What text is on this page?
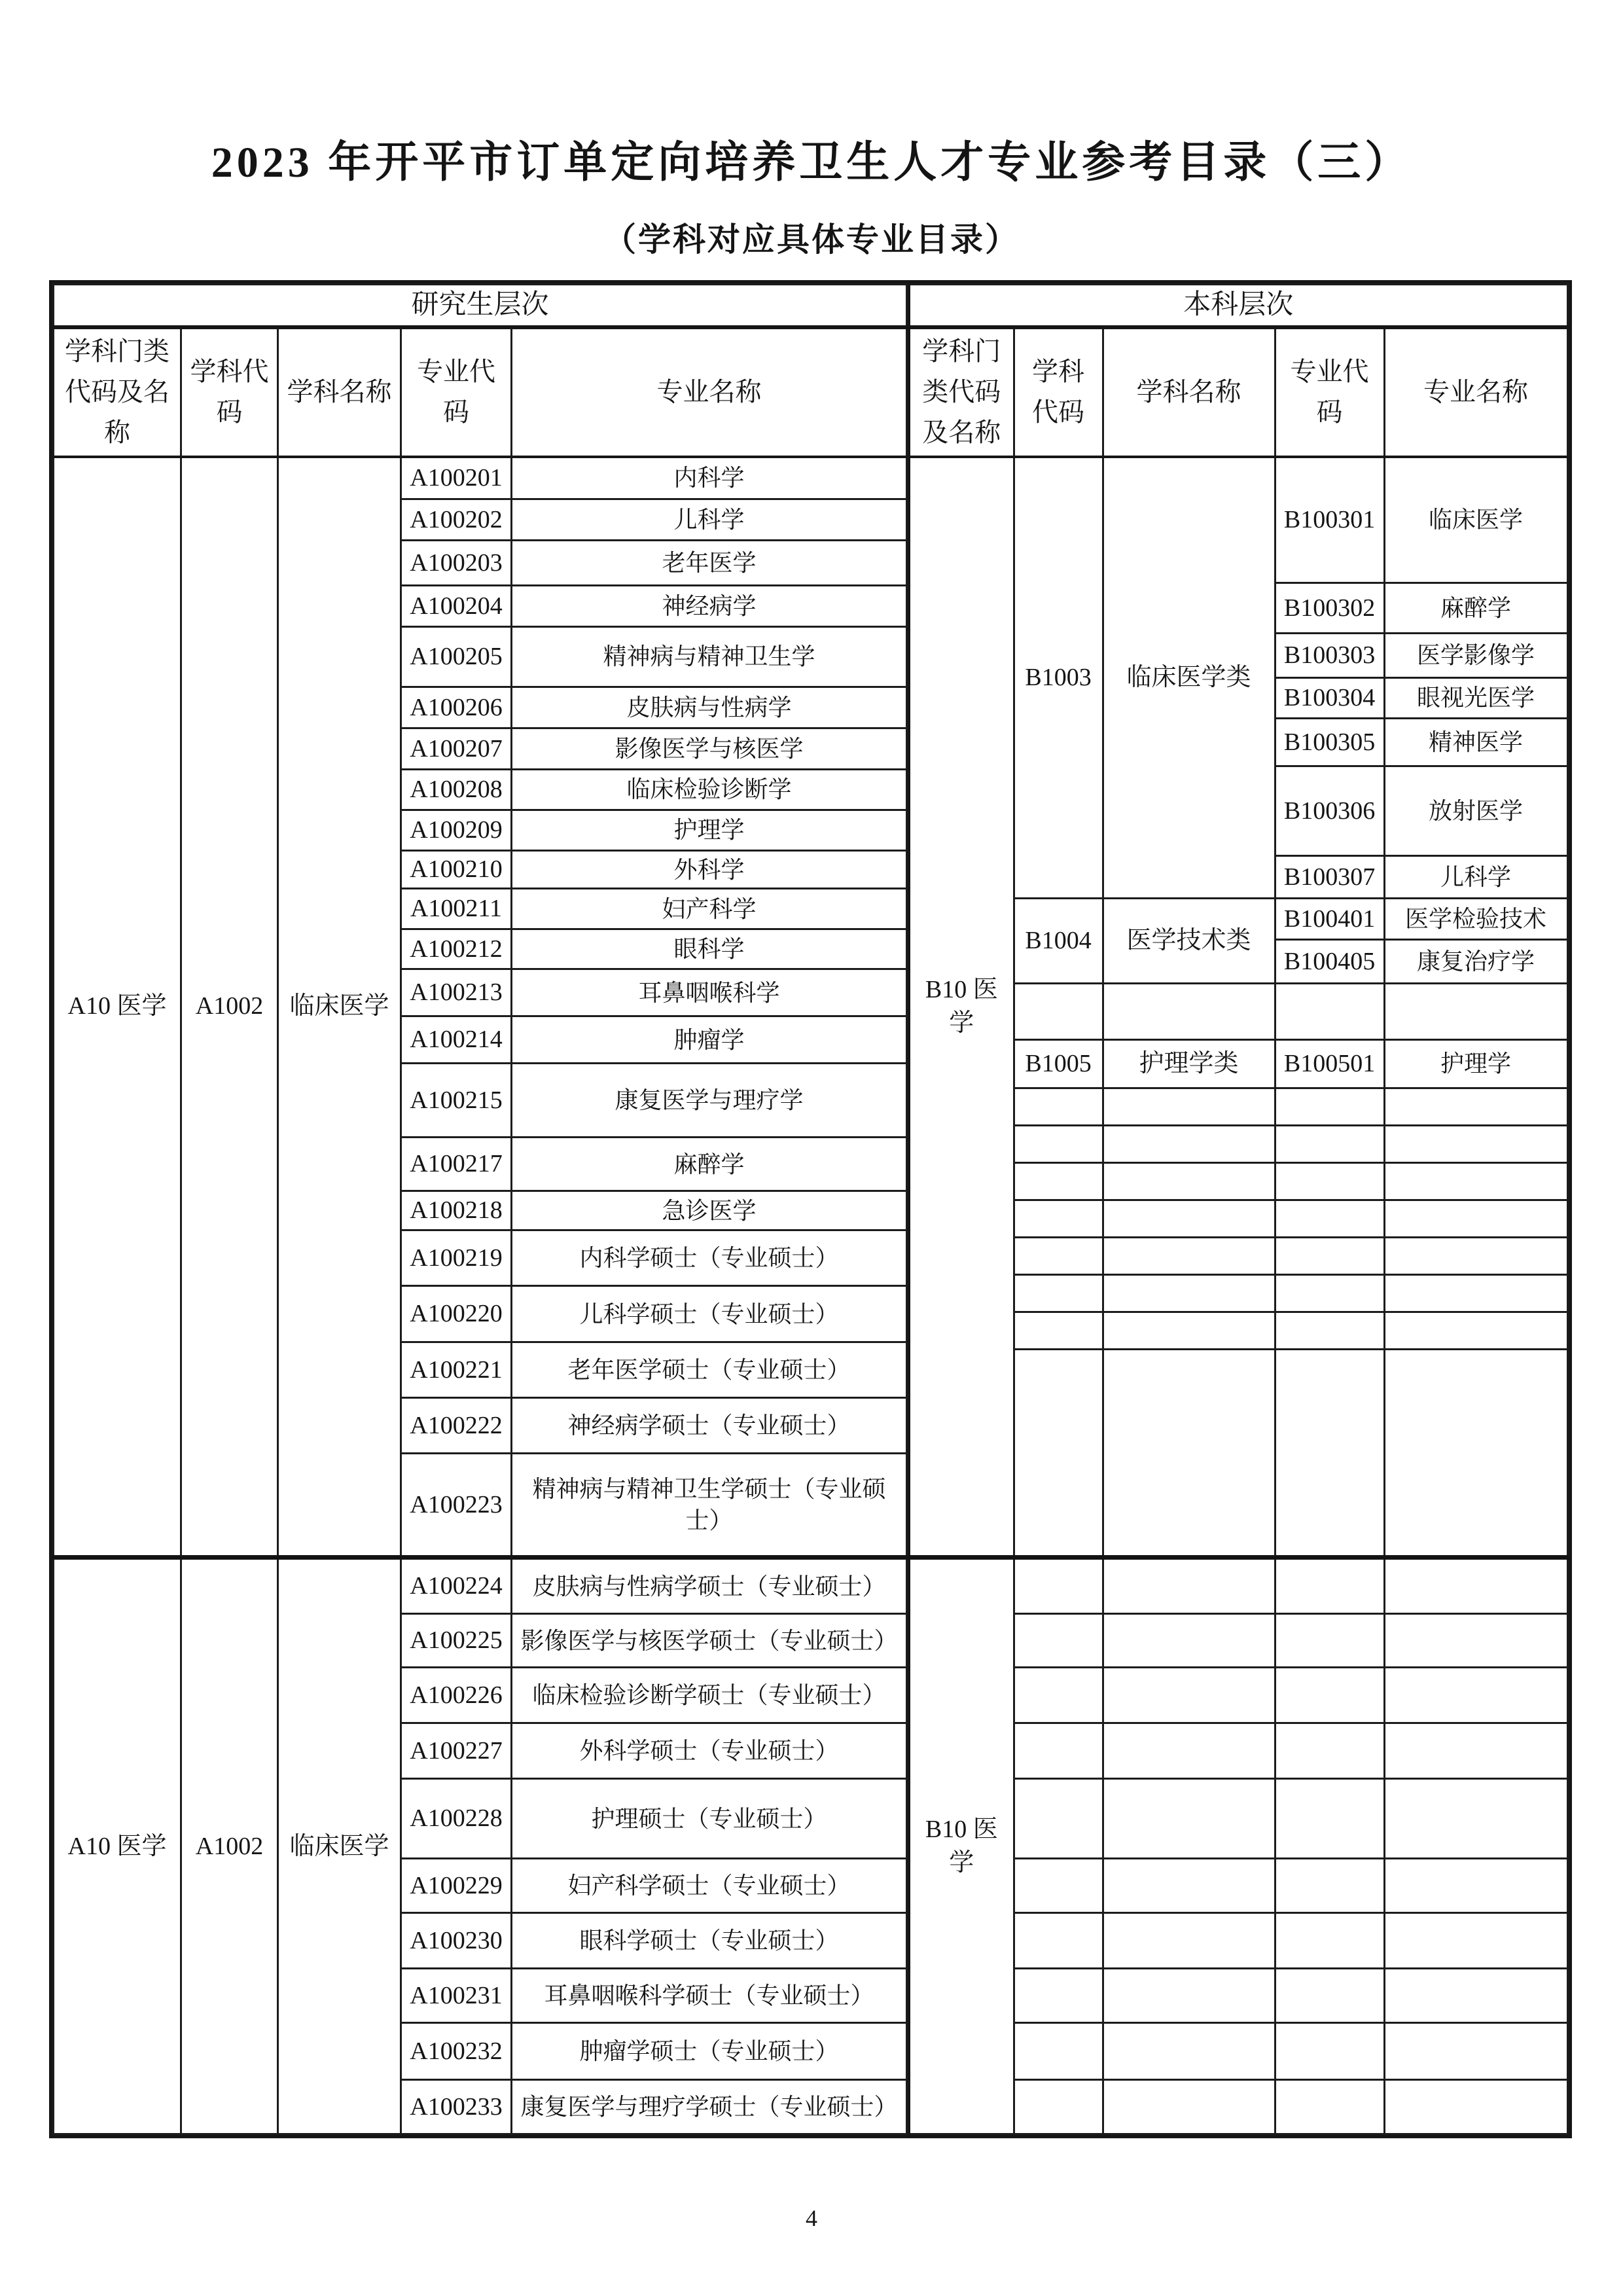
2023 年开平市订单定向培养卫生人才专业参考目录（三）
（学科对应具体专业目录）
研究生层次				
学科门类代码及名称	学科代码	学科名称	专业代码	专业名称
A10 医学	A1002	临床医学	A100201	内科学
			A100202	儿科学
			A100203	老年医学
			A100204	神经病学
			A100205	精神病与精神卫生学
			A100206	皮肤病与性病学
			A100207	影像医学与核医学
			A100208	临床检验诊断学
			A100209	护理学
			A100210	外科学
			A100211	妇产科学
			A100212	眼科学
			A100213	耳鼻咽喉科学
			A100214	肿瘤学
			A100215	康复医学与理疗学
			A100217	麻醉学
			A100218	急诊医学
			A100219	内科学硕士（专业硕士）
			A100220	儿科学硕士（专业硕士）
			A100221	老年医学硕士（专业硕士）
			A100222	神经病学硕士（专业硕士）
			A100223	精神病与精神卫生学硕士（专业硕士）
A10 医学	A1002	临床医学	A100224	皮肤病与性病学硕士（专业硕士）
			A100225	影像医学与核医学硕士（专业硕士）
			A100226	临床检验诊断学硕士（专业硕士）
			A100227	外科学硕士（专业硕士）
			A100228	护理硕士（专业硕士）
			A100229	妇产科学硕士（专业硕士）
			A100230	眼科学硕士（专业硕士）
			A100231	耳鼻咽喉科学硕士（专业硕士）
			A100232	肿瘤学硕士（专业硕士）
			A100233	康复医学与理疗学硕士（专业硕士）
本科层次				
学科门类代码及名称	学科代码	学科名称	专业代码	专业名称
B10 医学	B1003	临床医学类	B100301	临床医学
			B100302	麻醉学
			B100303	医学影像学
			B100304	眼视光医学
			B100305	精神医学
			B100306	放射医学
			B100307	儿科学
	B1004	医学技术类	B100401	医学检验技术
			B100405	康复治疗学

	B1005	护理学类	B100501	护理学

B10 医学				

4
